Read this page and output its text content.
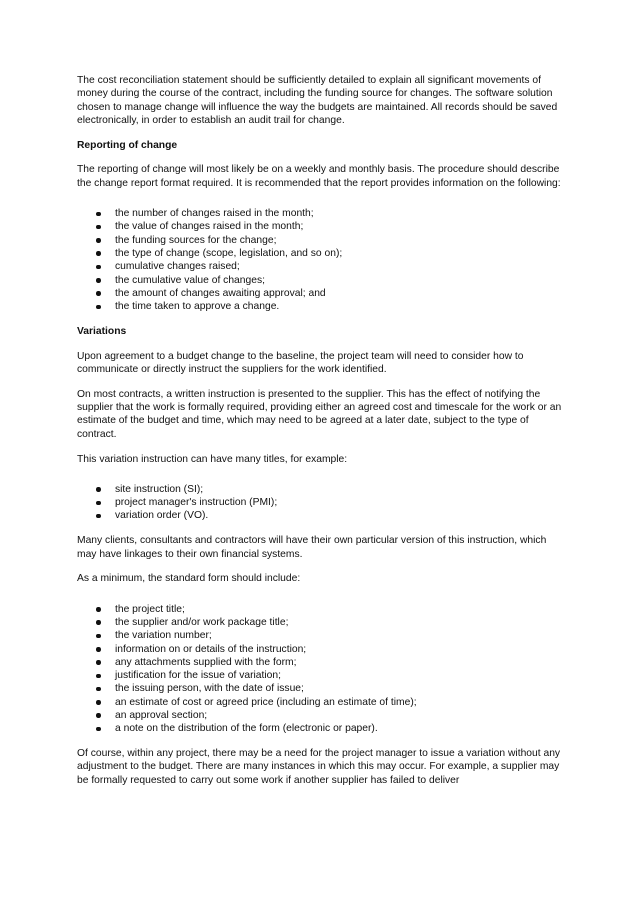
The cost reconciliation statement should be sufficiently detailed to explain all significant movements of money during the course of the contract, including the funding source for changes. The software solution chosen to manage change will influence the way the budgets are maintained. All records should be saved electronically, in order to establish an audit trail for change.

Reporting of change

The reporting of change will most likely be on a weekly and monthly basis. The procedure should describe the change report format required. It is recommended that the report provides information on the following:

the number of changes raised in the month;
the value of changes raised in the month;
the funding sources for the change;
the type of change (scope, legislation, and so on);
cumulative changes raised;
the cumulative value of changes;
the amount of changes awaiting approval; and
the time taken to approve a change.

Variations

Upon agreement to a budget change to the baseline, the project team will need to consider how to communicate or directly instruct the suppliers for the work identified.

On most contracts, a written instruction is presented to the supplier. This has the effect of notifying the supplier that the work is formally required, providing either an agreed cost and timescale for the work or an estimate of the budget and time, which may need to be agreed at a later date, subject to the type of contract.

This variation instruction can have many titles, for example:

site instruction (SI);
project manager's instruction (PMI);
variation order (VO).

Many clients, consultants and contractors will have their own particular version of this instruction, which may have linkages to their own financial systems.

As a minimum, the standard form should include:

the project title;
the supplier and/or work package title;
the variation number;
information on or details of the instruction;
any attachments supplied with the form;
justification for the issue of variation;
the issuing person, with the date of issue;
an estimate of cost or agreed price (including an estimate of time);
an approval section;
a note on the distribution of the form (electronic or paper).

Of course, within any project, there may be a need for the project manager to issue a variation without any adjustment to the budget. There are many instances in which this may occur. For example, a supplier may be formally requested to carry out some work if another supplier has failed to deliver
